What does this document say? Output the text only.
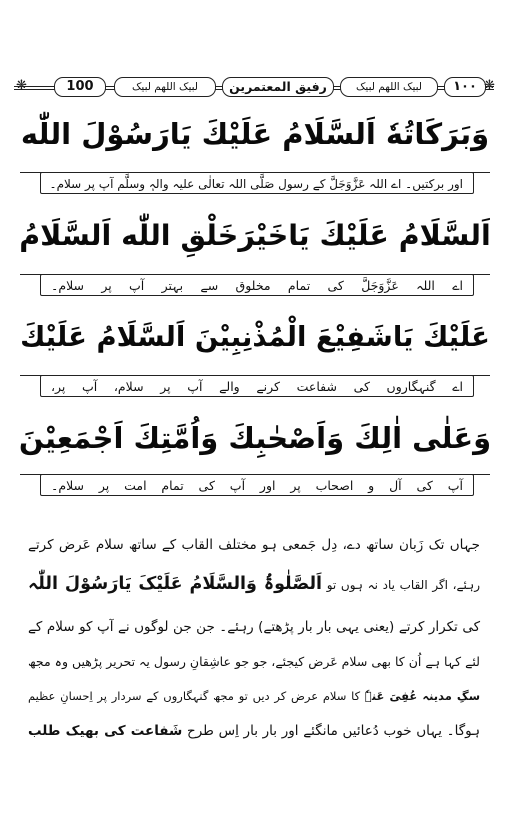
❋	100	لبیک اللھم لبیک	رفیق المعتمرین	لبیک اللھم لبیک	۱۰۰ ❋
وَبَرَكَاتُهٗ اَلسَّلَامُ عَلَيْكَ يَارَسُوْلَ اللّٰه
اور برکتیں۔ اے اللہ عَزَّوَجَلَّ کے رسول صَلَّی اللہ تعالٰی علیہ والہٖ وسلَّم آپ پر سلام۔
اَلسَّلَامُ عَلَيْكَ يَاخَيْرَخَلْقِ اللّٰه اَلسَّلَامُ
اے اللہ عَزَّوَجَلَّ کی تمام مخلوق سے بہتر آپ پر سلام۔
عَلَيْكَ يَاشَفِيْعَ الْمُذْنِبِيْنَ اَلسَّلَامُ عَلَيْكَ
اے گنہگاروں کی شفاعت کرنے والے آپ پر سلام، آپ پر،
وَعَلٰى اٰلِكَ وَاَصْحٰبِكَ وَاُمَّتِكَ اَجْمَعِيْنَ
آپ کی آل و اصحاب پر اور آپ کی تمام امت پر سلام۔
جہاں تک زَبان ساتھ دے، دِل جَمعی ہو مختلف القاب کے ساتھ سلام عَرض کرتے
رہئے، اگر القاب یاد نہ ہوں تو اَلصَّلٰوۃُ وَالسَّلَامُ عَلَیْکَ یَارَسُوْلَ اللّٰہ
کی تکرار کرتے (یعنی یہی بار بار پڑھتے) رہئے۔ جن جن لوگوں نے آپ کو سلام کے
لئے کہا ہے اُن کا بھی سلام عَرض کیجئے، جو جو عاشِقانِ رسول یہ تحریر پڑھیں وہ مجھ
سگِ مدینہ عُفِیَ عَنہٗ کا سلام عرض کر دیں تو مجھ گنہگاروں کے سردار پر اِحسانِ عظیم
ہوگا۔ یہاں خوب دُعائیں مانگئے اور بار بار اِس طرح شَفاعت کی بھیک طلب
